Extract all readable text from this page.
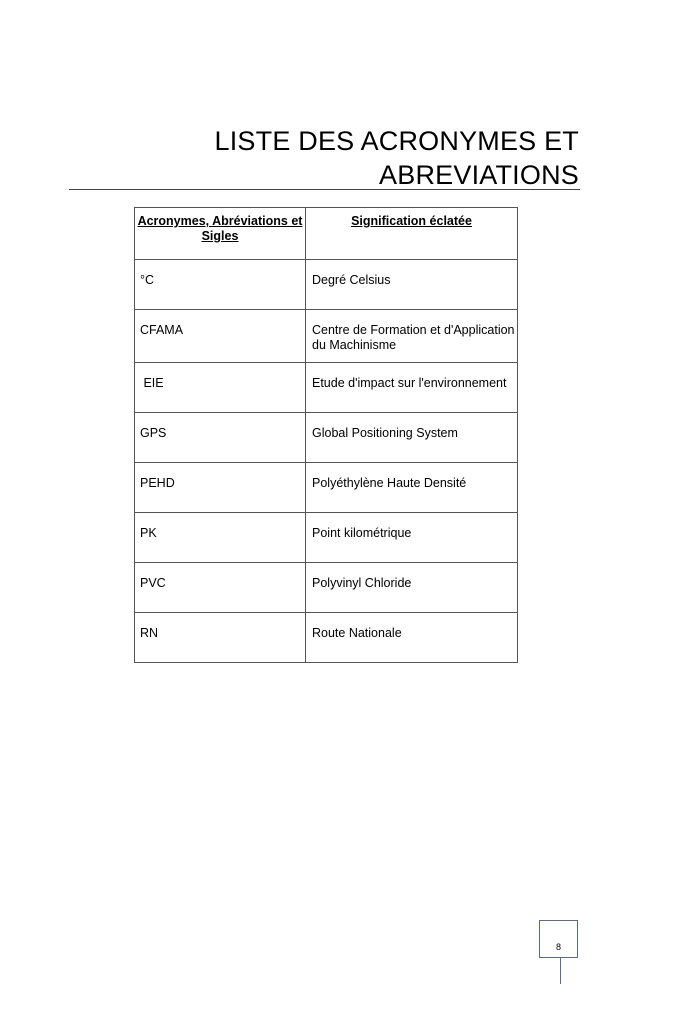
LISTE DES ACRONYMES ET
ABREVIATIONS
Acronymes, Abréviations et Sigles	Signification éclatée
°C	Degré Celsius
CFAMA	Centre de Formation et d'Application du Machinisme
EIE	Etude d'impact sur l'environnement
GPS	Global Positioning System
PEHD	Polyéthylène Haute Densité
PK	Point kilométrique
PVC	Polyvinyl Chloride
RN	Route Nationale
8
